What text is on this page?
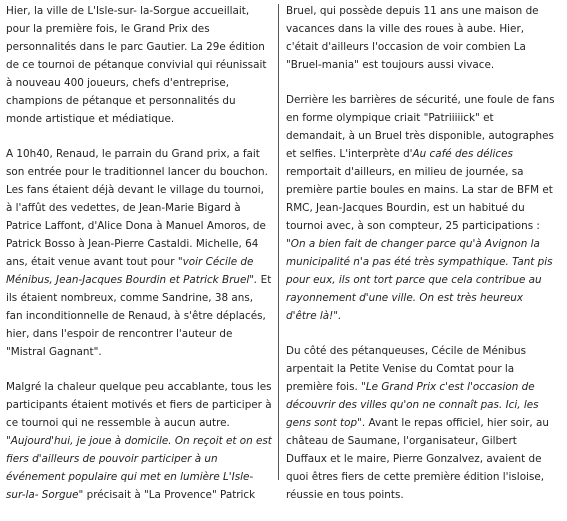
Hier, la ville de L'Isle-sur- la-Sorgue accueillait, pour la première fois, le Grand Prix des personnalités dans le parc Gautier. La 29e édition de ce tournoi de pétanque convivial qui réunissait à nouveau 400 joueurs, chefs d'entreprise, champions de pétanque et personnalités du monde artistique et médiatique.

A 10h40, Renaud, le parrain du Grand prix, a fait son entrée pour le traditionnel lancer du bouchon. Les fans étaient déjà devant le village du tournoi, à l'affût des vedettes, de Jean-Marie Bigard à Patrice Laffont, d'Alice Dona à Manuel Amoros, de Patrick Bosso à Jean-Pierre Castaldi. Michelle, 64 ans, était venue avant tout pour "voir Cécile de Ménibus, Jean-Jacques Bourdin et Patrick Bruel". Et ils étaient nombreux, comme Sandrine, 38 ans, fan inconditionnelle de Renaud, à s'être déplacés, hier, dans l'espoir de rencontrer l'auteur de "Mistral Gagnant".

Malgré la chaleur quelque peu accablante, tous les participants étaient motivés et fiers de participer à ce tournoi qui ne ressemble à aucun autre. "Aujourd'hui, je joue à domicile. On reçoit et on est fiers d'ailleurs de pouvoir participer à un événement populaire qui met en lumière L'Isle-sur-la- Sorgue" précisait à "La Provence" Patrick

Bruel, qui possède depuis 11 ans une maison de vacances dans la ville des roues à aube. Hier, c'était d'ailleurs l'occasion de voir combien La "Bruel-mania" est toujours aussi vivace.

Derrière les barrières de sécurité, une foule de fans en forme olympique criait "Patriiiiick" et demandait, à un Bruel très disponible, autographes et selfies. L'interprète d'Au café des délices remportait d'ailleurs, en milieu de journée, sa première partie boules en mains. La star de BFM et RMC, Jean-Jacques Bourdin, est un habitué du tournoi avec, à son compteur, 25 participations : "On a bien fait de changer parce qu'à Avignon la municipalité n'a pas été très sympathique. Tant pis pour eux, ils ont tort parce que cela contribue au rayonnement d'une ville. On est très heureux d'être là!".

Du côté des pétanqueuses, Cécile de Ménibus arpentait la Petite Venise du Comtat pour la première fois. "Le Grand Prix c'est l'occasion de découvrir des villes qu'on ne connaît pas. Ici, les gens sont top". Avant le repas officiel, hier soir, au château de Saumane, l'organisateur, Gilbert Duffaux et le maire, Pierre Gonzalvez, avaient de quoi êtres fiers de cette première édition l'isloise, réussie en tous points.
